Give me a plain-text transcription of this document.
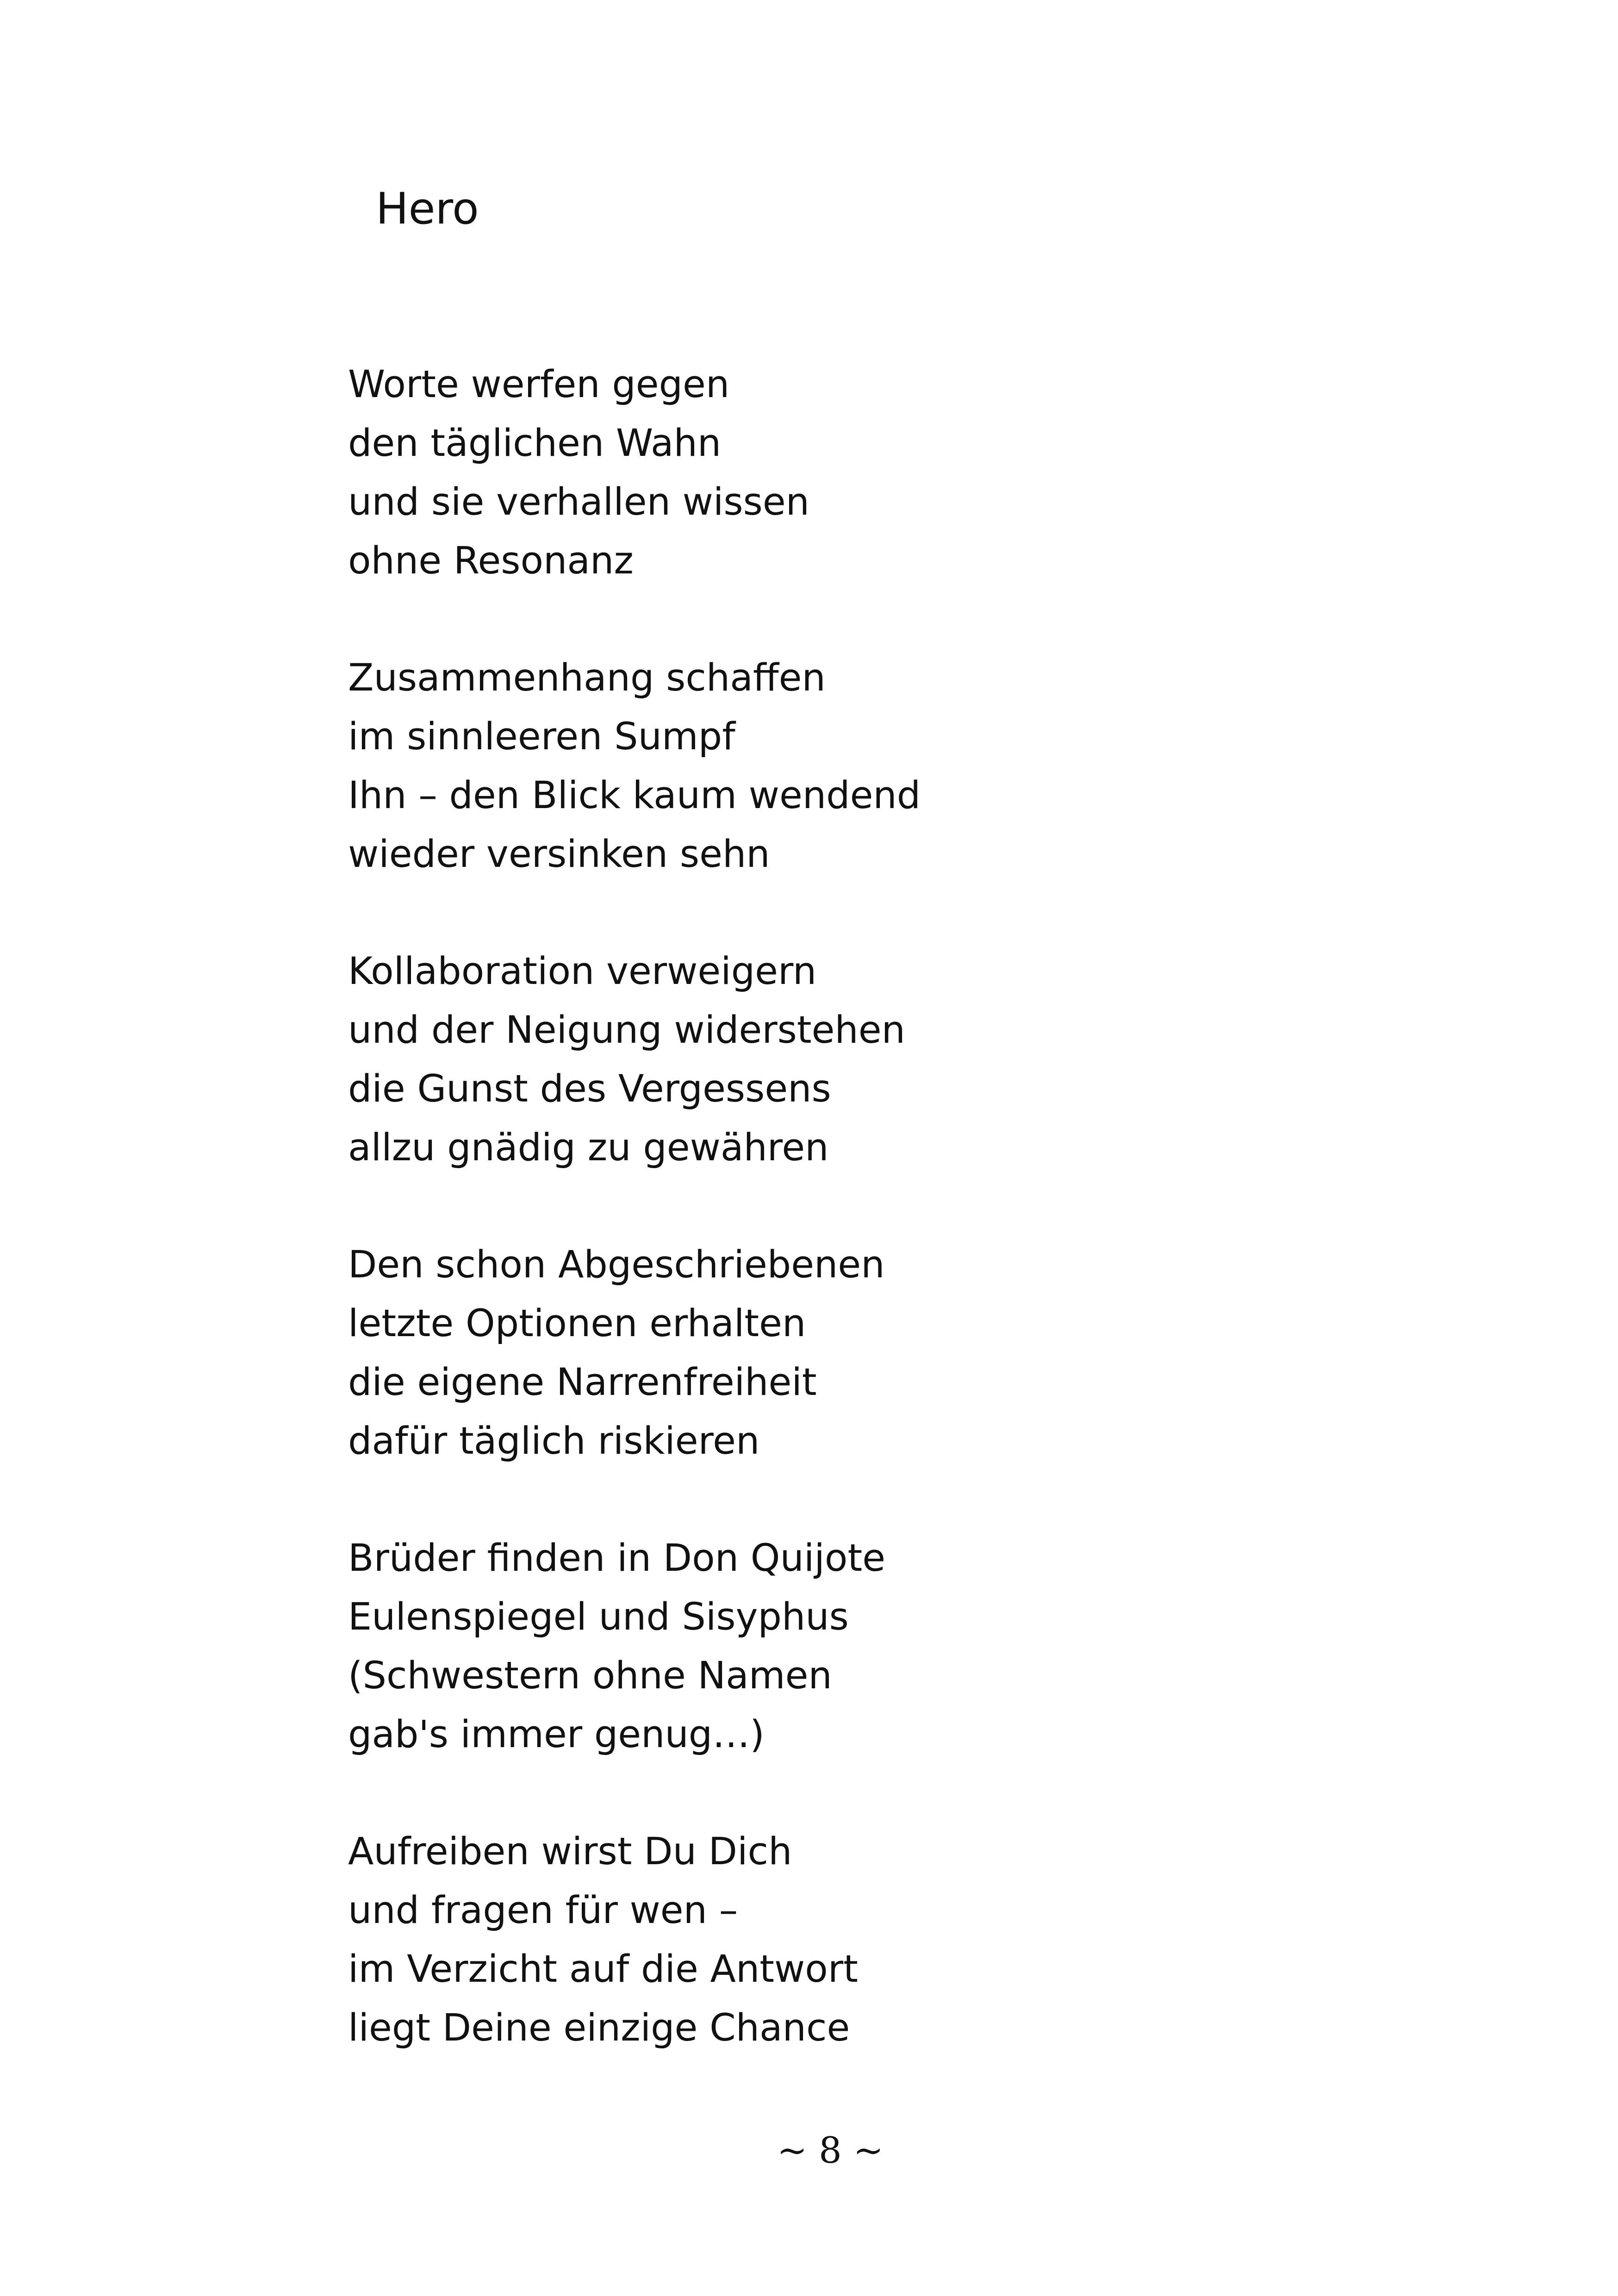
Hero
Worte werfen gegen
den täglichen Wahn
und sie verhallen wissen
ohne Resonanz
Zusammenhang schaffen
im sinnleeren Sumpf
Ihn – den Blick kaum wendend
wieder versinken sehn
Kollaboration verweigern
und der Neigung widerstehen
die Gunst des Vergessens
allzu gnädig zu gewähren
Den schon Abgeschriebenen
letzte Optionen erhalten
die eigene Narrenfreiheit
dafür täglich riskieren
Brüder finden in Don Quijote
Eulenspiegel und Sisyphus
(Schwestern ohne Namen
gab's immer genug…)
Aufreiben wirst Du Dich
und fragen für wen –
im Verzicht auf die Antwort
liegt Deine einzige Chance
~ 8 ~
